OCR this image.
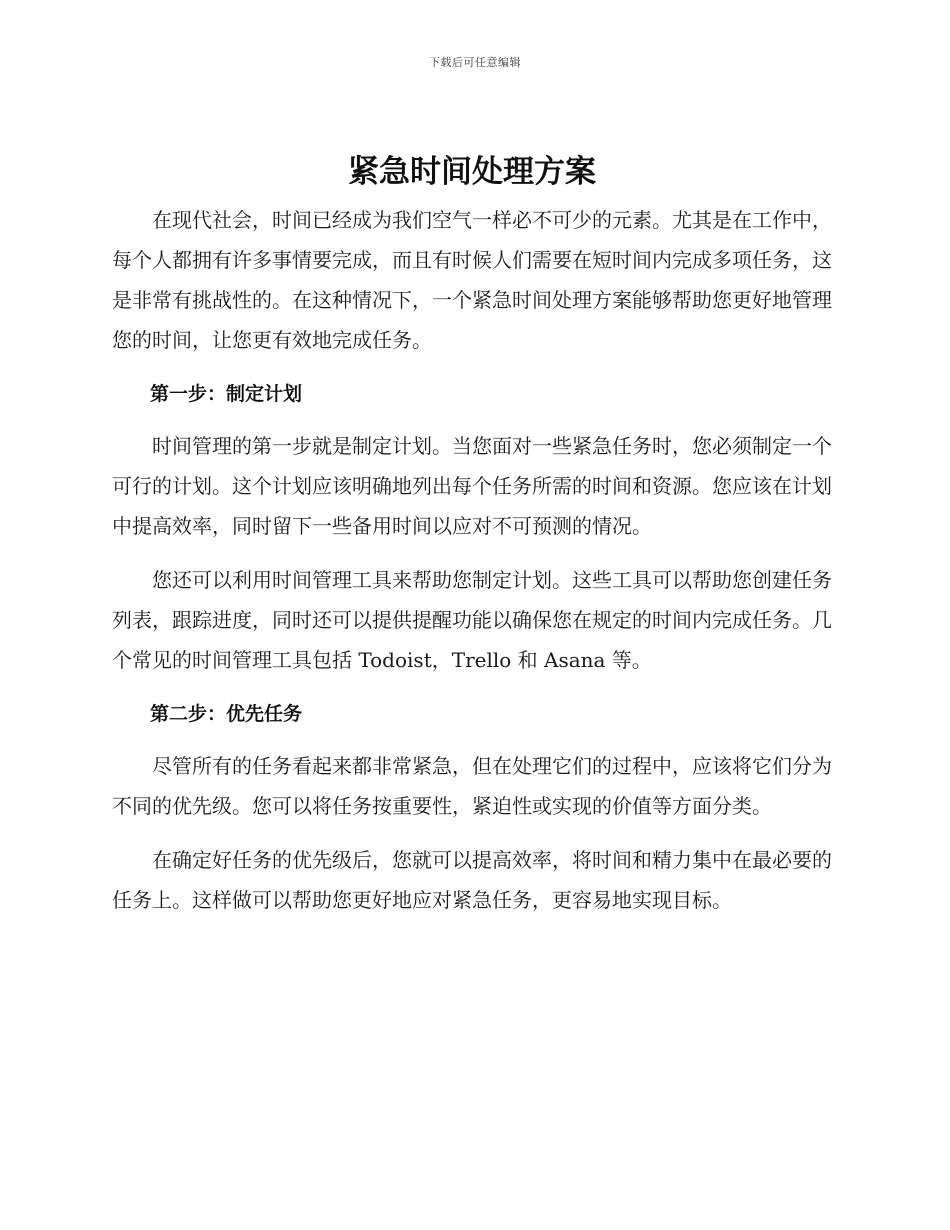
下载后可任意编辑
紧急时间处理方案

在现代社会，时间已经成为我们空气一样必不可少的元素。尤其是在工作中，每个人都拥有许多事情要完成，而且有时候人们需要在短时间内完成多项任务，这是非常有挑战性的。在这种情况下，一个紧急时间处理方案能够帮助您更好地管理您的时间，让您更有效地完成任务。

第一步：制定计划

时间管理的第一步就是制定计划。当您面对一些紧急任务时，您必须制定一个可行的计划。这个计划应该明确地列出每个任务所需的时间和资源。您应该在计划中提高效率，同时留下一些备用时间以应对不可预测的情况。

您还可以利用时间管理工具来帮助您制定计划。这些工具可以帮助您创建任务列表，跟踪进度，同时还可以提供提醒功能以确保您在规定的时间内完成任务。几个常见的时间管理工具包括 Todoist，Trello 和 Asana 等。

第二步：优先任务

尽管所有的任务看起来都非常紧急，但在处理它们的过程中，应该将它们分为不同的优先级。您可以将任务按重要性，紧迫性或实现的价值等方面分类。

在确定好任务的优先级后，您就可以提高效率，将时间和精力集中在最必要的任务上。这样做可以帮助您更好地应对紧急任务，更容易地实现目标。
